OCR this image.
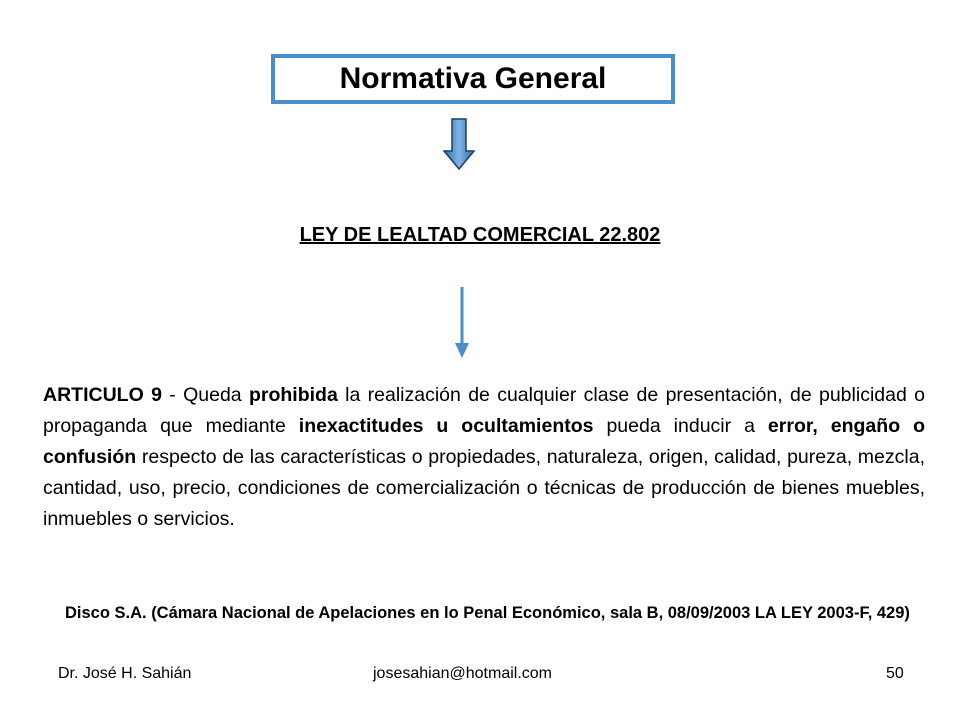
Normativa General
LEY DE LEALTAD COMERCIAL 22.802
ARTICULO 9 - Queda prohibida la realización de cualquier clase de presentación, de publicidad o propaganda que mediante inexactitudes u ocultamientos pueda inducir a error, engaño o confusión respecto de las características o propiedades, naturaleza, origen, calidad, pureza, mezcla, cantidad, uso, precio, condiciones de comercialización o técnicas de producción de bienes muebles, inmuebles o servicios.
Disco S.A. (Cámara Nacional de Apelaciones en lo Penal Económico, sala B, 08/09/2003 LA LEY 2003-F, 429)
Dr. José H. Sahián	josesahian@hotmail.com	50
